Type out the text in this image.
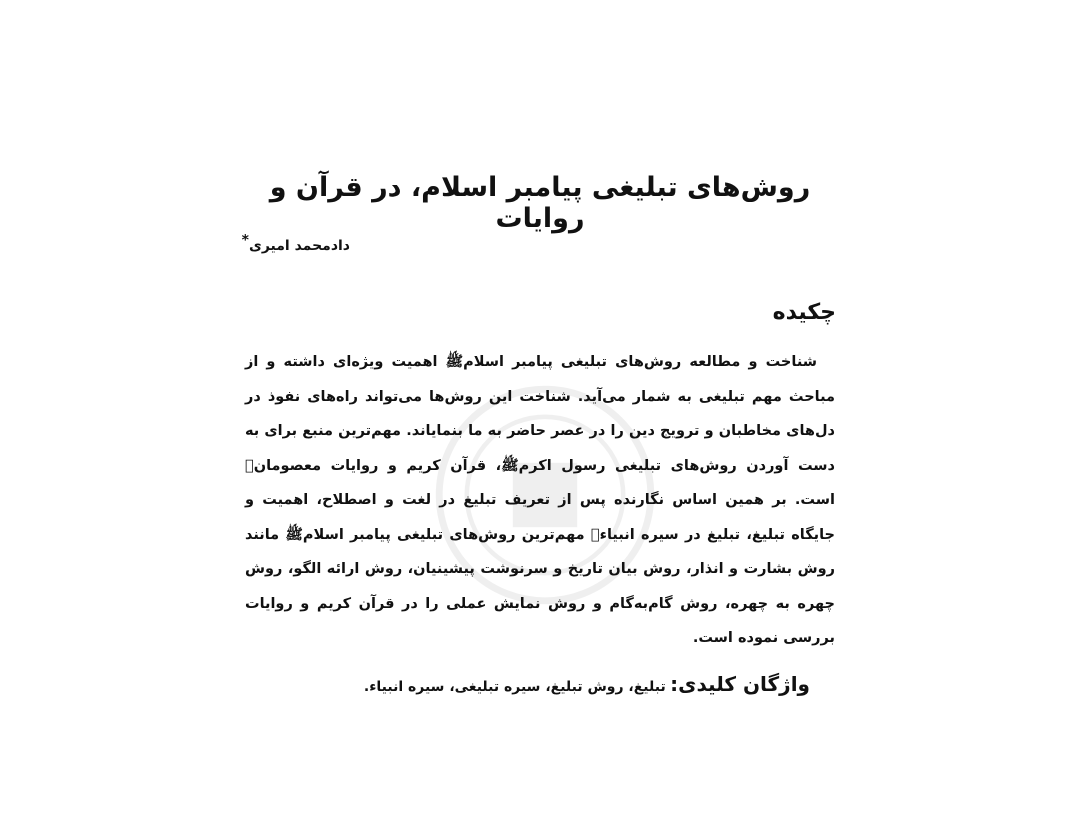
روش‌های تبلیغی پیامبر اسلام، در قرآن و روایات
دادمحمد امیری*
چکیده

شناخت و مطالعه روش‌های تبلیغی پیامبر اسلامﷺ اهمیت ویژه‌ای داشته و از مباحث مهم تبلیغی به شمار می‌آید. شناخت این روش‌ها می‌تواند راه‌های نفوذ در دل‌های مخاطبان و ترویج دین را در عصر حاضر به ما بنمایاند. مهم‌ترین منبع برای به دست آوردن روش‌های تبلیغی رسول اکرمﷺ، قرآن کریم و روایات معصومان﷩ است. بر همین اساس نگارنده پس از تعریف تبلیغ در لغت و اصطلاح، اهمیت و جایگاه تبلیغ، تبلیغ در سیره انبیاء﷩ مهم‌ترین روش‌های تبلیغی پیامبر اسلامﷺ مانند روش بشارت و انذار، روش بیان تاریخ و سرنوشت پیشینیان، روش ارائه الگو، روش چهره به چهره، روش گام‌به‌گام و روش نمایش عملی را در قرآن کریم و روایات بررسی نموده است.

واژگان کلیدی: تبلیغ، روش تبلیغ، سیره تبلیغی، سیره انبیاء.
